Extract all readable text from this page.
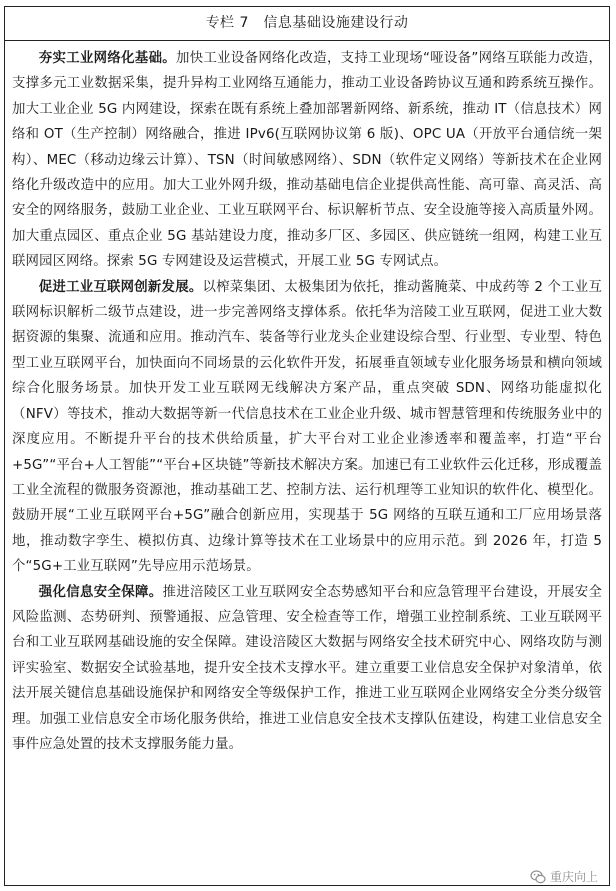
专栏 7　信息基础设施建设行动

夯实工业网络化基础。加快工业设备网络化改造，支持工业现场“哑设备”网络互联能力改造，支撑多元工业数据采集，提升异构工业网络互通能力，推动工业设备跨协议互通和跨系统互操作。加大工业企业 5G 内网建设，探索在既有系统上叠加部署新网络、新系统，推动 IT（信息技术）网络和 OT（生产控制）网络融合，推进 IPv6(互联网协议第 6 版)、OPC UA（开放平台通信统一架构）、MEC（移动边缘云计算）、TSN（时间敏感网络）、SDN（软件定义网络）等新技术在企业网络化升级改造中的应用。加大工业外网升级，推动基础电信企业提供高性能、高可靠、高灵活、高安全的网络服务，鼓励工业企业、工业互联网平台、标识解析节点、安全设施等接入高质量外网。加大重点园区、重点企业 5G 基站建设力度，推动多厂区、多园区、供应链统一组网，构建工业互联网园区网络。探索 5G 专网建设及运营模式，开展工业 5G 专网试点。

促进工业互联网创新发展。以榨菜集团、太极集团为依托，推动酱腌菜、中成药等 2 个工业互联网标识解析二级节点建设，进一步完善网络支撑体系。依托华为涪陵工业互联网，促进工业大数据资源的集聚、流通和应用。推动汽车、装备等行业龙头企业建设综合型、行业型、专业型、特色型工业互联网平台，加快面向不同场景的云化软件开发，拓展垂直领域专业化服务场景和横向领域综合化服务场景。加快开发工业互联网无线解决方案产品，重点突破 SDN、网络功能虚拟化（NFV）等技术，推动大数据等新一代信息技术在工业企业升级、城市智慧管理和传统服务业中的深度应用。不断提升平台的技术供给质量，扩大平台对工业企业渗透率和覆盖率，打造“平台+5G”“平台+人工智能”“平台+区块链”等新技术解决方案。加速已有工业软件云化迁移，形成覆盖工业全流程的微服务资源池，推动基础工艺、控制方法、运行机理等工业知识的软件化、模型化。鼓励开展“工业互联网平台+5G”融合创新应用，实现基于 5G 网络的互联互通和工厂应用场景落地，推动数字孪生、模拟仿真、边缘计算等技术在工业场景中的应用示范。到 2026 年，打造 5 个“5G+工业互联网”先导应用示范场景。

强化信息安全保障。推进涪陵区工业互联网安全态势感知平台和应急管理平台建设，开展安全风险监测、态势研判、预警通报、应急管理、安全检查等工作，增强工业控制系统、工业互联网平台和工业互联网基础设施的安全保障。建设涪陵区大数据与网络安全技术研究中心、网络攻防与测评实验室、数据安全试验基地，提升安全技术支撑水平。建立重要工业信息安全保护对象清单，依法开展关键信息基础设施保护和网络安全等级保护工作，推进工业互联网企业网络安全分类分级管理。加强工业信息安全市场化服务供给，推进工业信息安全技术支撑队伍建设，构建工业信息安全事件应急处置的技术支撑服务能力量。

重庆向上
